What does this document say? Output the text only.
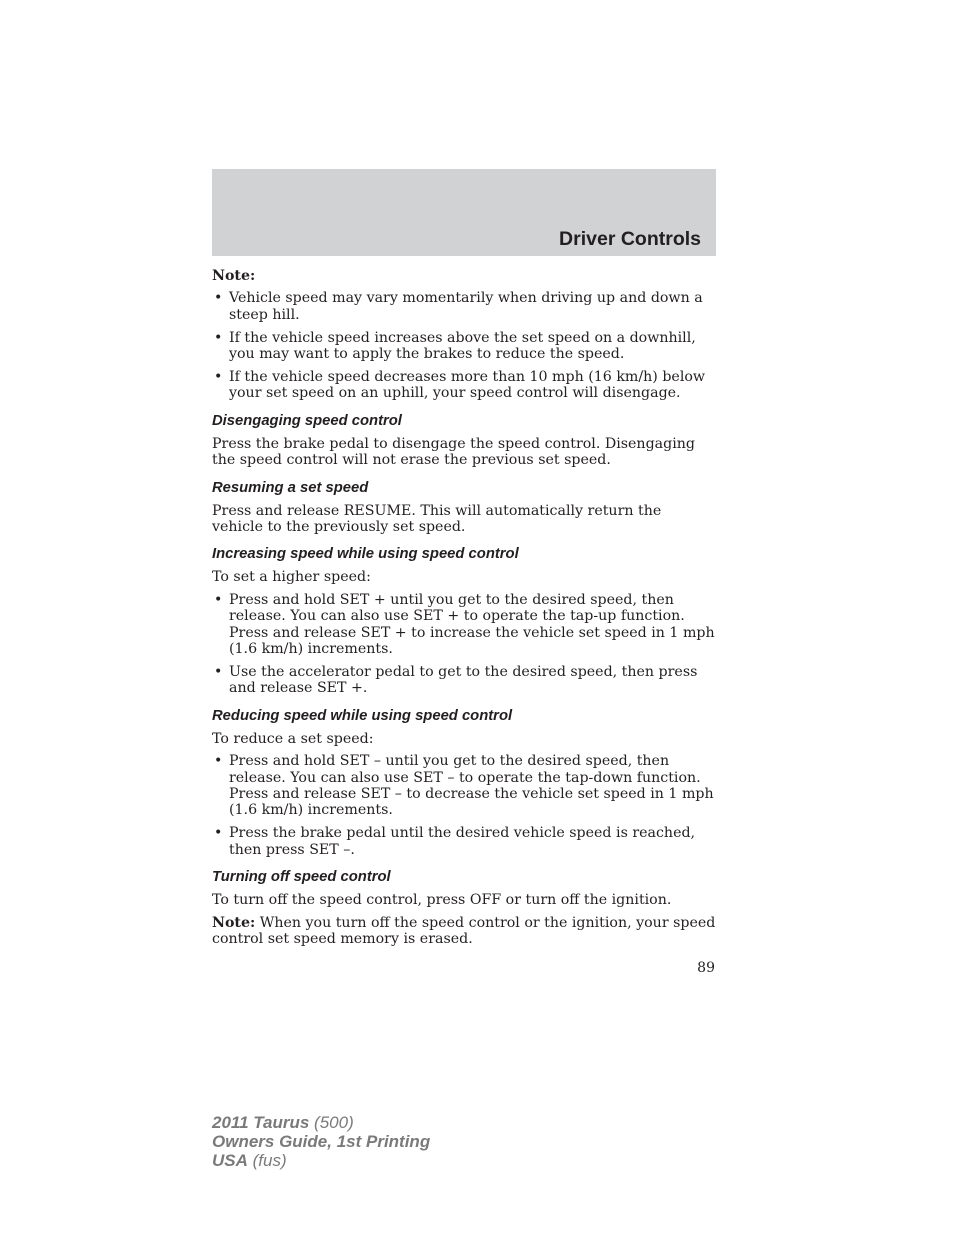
Driver Controls
Note:
• Vehicle speed may vary momentarily when driving up and down a steep hill.
• If the vehicle speed increases above the set speed on a downhill, you may want to apply the brakes to reduce the speed.
• If the vehicle speed decreases more than 10 mph (16 km/h) below your set speed on an uphill, your speed control will disengage.
Disengaging speed control
Press the brake pedal to disengage the speed control. Disengaging the speed control will not erase the previous set speed.
Resuming a set speed
Press and release RESUME. This will automatically return the vehicle to the previously set speed.
Increasing speed while using speed control
To set a higher speed:
• Press and hold SET + until you get to the desired speed, then release. You can also use SET + to operate the tap-up function. Press and release SET + to increase the vehicle set speed in 1 mph (1.6 km/h) increments.
• Use the accelerator pedal to get to the desired speed, then press and release SET +.
Reducing speed while using speed control
To reduce a set speed:
• Press and hold SET – until you get to the desired speed, then release. You can also use SET – to operate the tap-down function. Press and release SET – to decrease the vehicle set speed in 1 mph (1.6 km/h) increments.
• Press the brake pedal until the desired vehicle speed is reached, then press SET –.
Turning off speed control
To turn off the speed control, press OFF or turn off the ignition.
Note: When you turn off the speed control or the ignition, your speed control set speed memory is erased.
89
2011 Taurus (500)
Owners Guide, 1st Printing
USA (fus)
